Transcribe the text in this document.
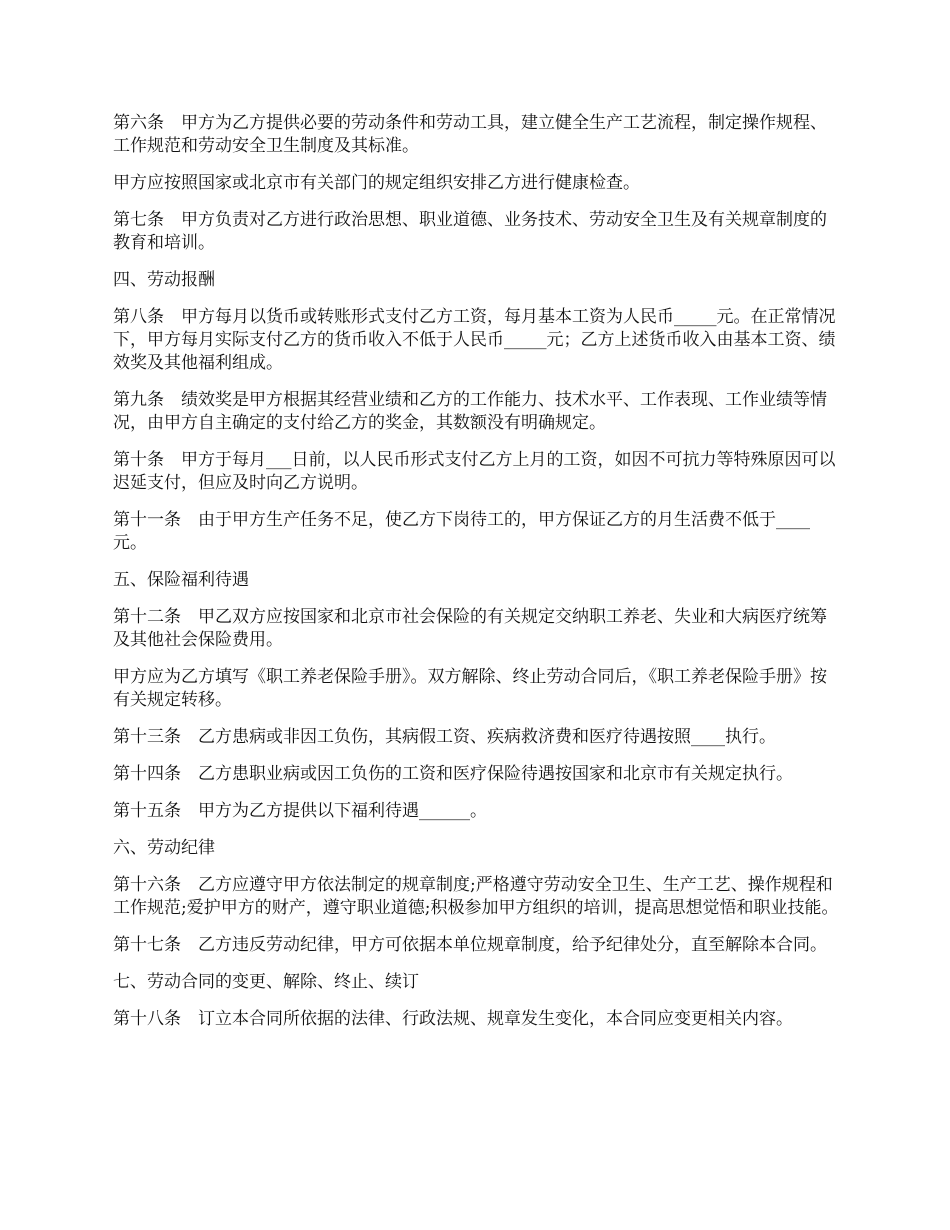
第六条　甲方为乙方提供必要的劳动条件和劳动工具，建立健全生产工艺流程，制定操作规程、工作规范和劳动安全卫生制度及其标准。

甲方应按照国家或北京市有关部门的规定组织安排乙方进行健康检查。

第七条　甲方负责对乙方进行政治思想、职业道德、业务技术、劳动安全卫生及有关规章制度的教育和培训。

四、劳动报酬

第八条　甲方每月以货币或转账形式支付乙方工资，每月基本工资为人民币_____元。在正常情况下，甲方每月实际支付乙方的货币收入不低于人民币_____元；乙方上述货币收入由基本工资、绩效奖及其他福利组成。

第九条　绩效奖是甲方根据其经营业绩和乙方的工作能力、技术水平、工作表现、工作业绩等情况，由甲方自主确定的支付给乙方的奖金，其数额没有明确规定。

第十条　甲方于每月___日前，以人民币形式支付乙方上月的工资，如因不可抗力等特殊原因可以迟延支付，但应及时向乙方说明。

第十一条　由于甲方生产任务不足，使乙方下岗待工的，甲方保证乙方的月生活费不低于____元。

五、保险福利待遇

第十二条　甲乙双方应按国家和北京市社会保险的有关规定交纳职工养老、失业和大病医疗统筹及其他社会保险费用。

甲方应为乙方填写《职工养老保险手册》。双方解除、终止劳动合同后，《职工养老保险手册》按有关规定转移。

第十三条　乙方患病或非因工负伤，其病假工资、疾病救济费和医疗待遇按照____执行。

第十四条　乙方患职业病或因工负伤的工资和医疗保险待遇按国家和北京市有关规定执行。

第十五条　甲方为乙方提供以下福利待遇______。

六、劳动纪律

第十六条　乙方应遵守甲方依法制定的规章制度;严格遵守劳动安全卫生、生产工艺、操作规程和工作规范;爱护甲方的财产，遵守职业道德;积极参加甲方组织的培训，提高思想觉悟和职业技能。

第十七条　乙方违反劳动纪律，甲方可依据本单位规章制度，给予纪律处分，直至解除本合同。

七、劳动合同的变更、解除、终止、续订

第十八条　订立本合同所依据的法律、行政法规、规章发生变化，本合同应变更相关内容。
